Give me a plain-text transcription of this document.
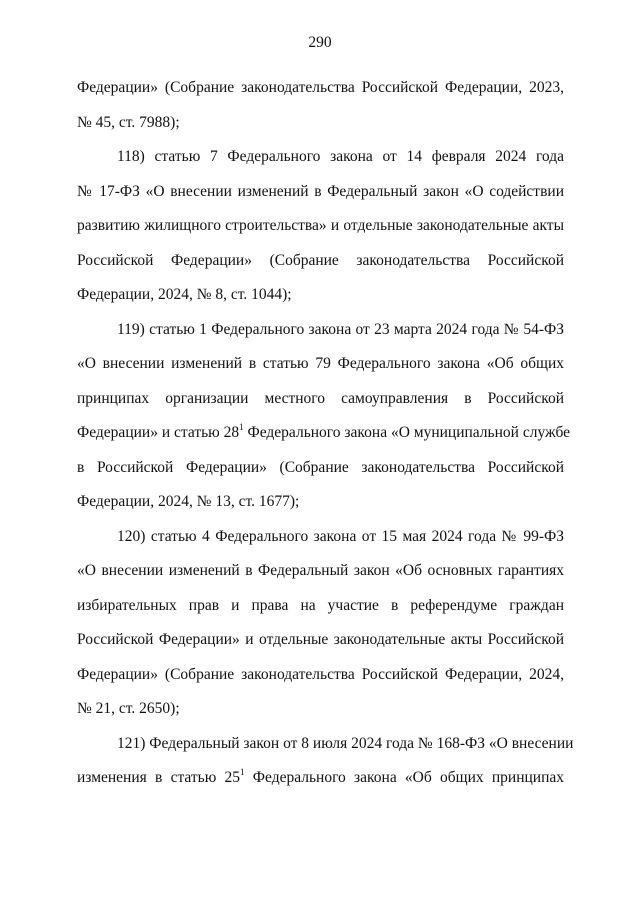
290
Федерации» (Собрание законодательства Российской Федерации, 2023,
№ 45, ст. 7988);
118) статью 7 Федерального закона от 14 февраля 2024 года
№ 17-ФЗ «О внесении изменений в Федеральный закон «О содействии
развитию жилищного строительства» и отдельные законодательные акты
Российской Федерации» (Собрание законодательства Российской
Федерации, 2024, № 8, ст. 1044);
119) статью 1 Федерального закона от 23 марта 2024 года № 54-ФЗ
«О внесении изменений в статью 79 Федерального закона «Об общих
принципах организации местного самоуправления в Российской
Федерации» и статью $28^1$ Федерального закона «О муниципальной службе
в Российской Федерации» (Собрание законодательства Российской
Федерации, 2024, № 13, ст. 1677);
120) статью 4 Федерального закона от 15 мая 2024 года № 99-ФЗ
«О внесении изменений в Федеральный закон «Об основных гарантиях
избирательных прав и права на участие в референдуме граждан
Российской Федерации» и отдельные законодательные акты Российской
Федерации» (Собрание законодательства Российской Федерации, 2024,
№ 21, ст. 2650);
121) Федеральный закон от 8 июля 2024 года № 168-ФЗ «О внесении
изменения в статью $25^1$ Федерального закона «Об общих принципах
